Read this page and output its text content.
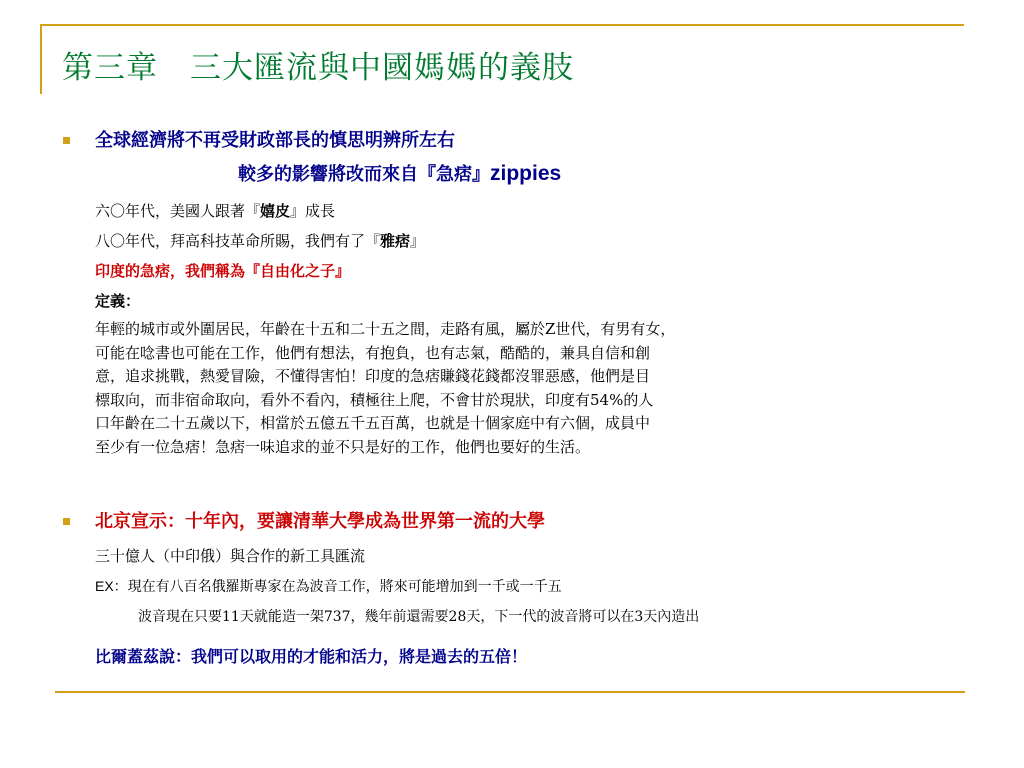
第三章　三大匯流與中國媽媽的義肢
全球經濟將不再受財政部長的慎思明辨所左右
較多的影響將改而來自『急痞』zippies
六〇年代，美國人跟著『嬉皮』成長
八〇年代，拜高科技革命所賜，我們有了『雅痞』
印度的急痞，我們稱為『自由化之子』
定義：
年輕的城市或外圍居民，年齡在十五和二十五之間，走路有風，屬於Z世代，有男有女，
可能在唸書也可能在工作，他們有想法，有抱負，也有志氣，酷酷的，兼具自信和創
意，追求挑戰，熱愛冒險，不懂得害怕！印度的急痞賺錢花錢都沒罪惡感，他們是目
標取向，而非宿命取向，看外不看內，積極往上爬，不會甘於現狀，印度有54%的人
口年齡在二十五歲以下，相當於五億五千五百萬，也就是十個家庭中有六個，成員中
至少有一位急痞！急痞一味追求的並不只是好的工作，他們也要好的生活。
北京宣示：十年內，要讓清華大學成為世界第一流的大學
三十億人（中印俄）與合作的新工具匯流
EX：現在有八百名俄羅斯專家在為波音工作，將來可能增加到一千或一千五
波音現在只要11天就能造一架737，幾年前還需要28天，下一代的波音將可以在3天內造出
比爾蓋茲說：我們可以取用的才能和活力，將是過去的五倍！
